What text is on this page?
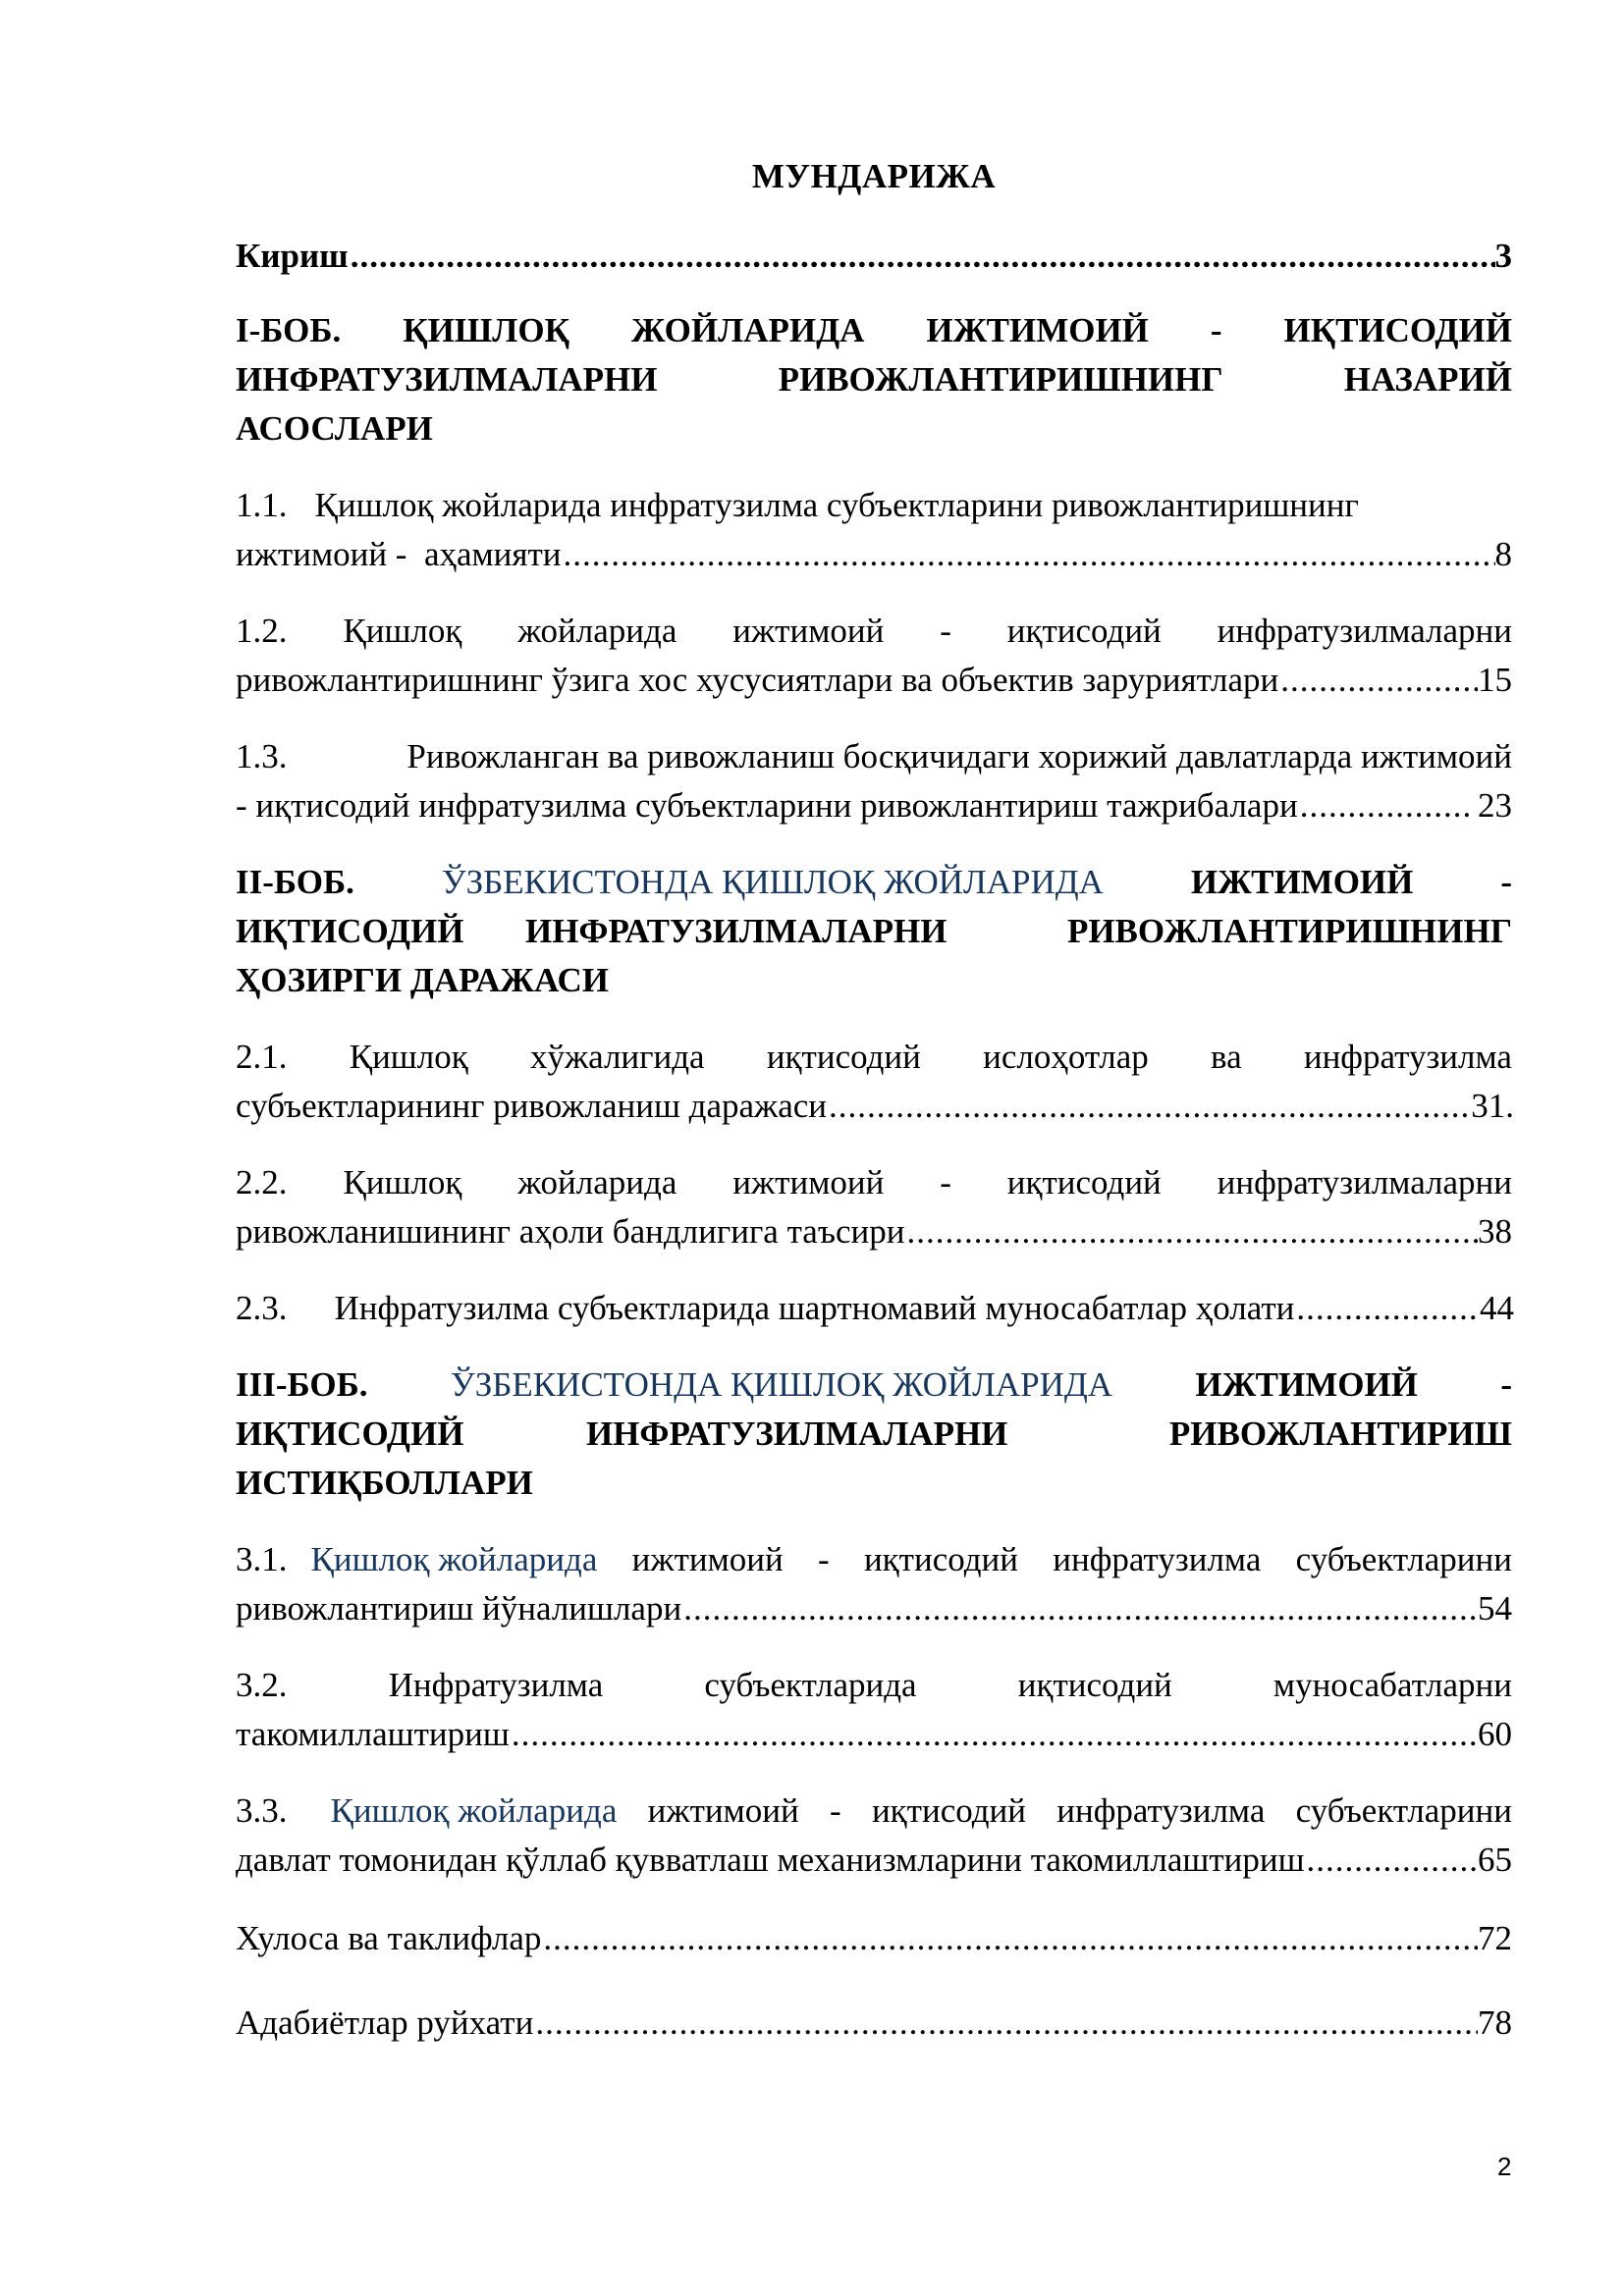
МУНДАРИЖА
Кириш .....	3
I-БОБ. ҚИШЛОҚ ЖОЙЛАРИДА ИЖТИМОИЙ - ИҚТИСОДИЙ
ИНФРАТУЗИЛМАЛАРНИ	РИВОЖЛАНТИРИШНИНГ	НАЗАРИЙ
АСОСЛАРИ
1.1. Қишлоқ жойларида инфратузилма субъектларини ривожлантиришнинг
ижтимоий -  аҳамияти .....	8
1.2. Қишлоқ жойларида ижтимоий - иқтисодий инфратузилмаларни
ривожлантиришнинг ўзига хос хусусиятлари ва объектив заруриятлари .....	15
1.3.	Ривожланган ва ривожланиш босқичидаги хорижий давлатларда ижтимоий
- иқтисодий инфратузилма субъектларини ривожлантириш тажрибалари .....	23
II-БОБ.	ЎЗБЕКИСТОНДА ҚИШЛОҚ ЖОЙЛАРИДА	ИЖТИМОИЙ	-
ИҚТИСОДИЙ ИНФРАТУЗИЛМАЛАРНИ	РИВОЖЛАНТИРИШНИНГ
ҲОЗИРГИ ДАРАЖАСИ
2.1. Қишлоқ хўжалигида иқтисодий ислоҳотлар ва инфратузилма
субъектларининг ривожланиш даражаси .....	31.
2.2. Қишлоқ жойларида ижтимоий - иқтисодий инфратузилмаларни
ривожланишининг аҳоли бандлигига таъсири .....	38
2.3. Инфратузилма субъектларида шартномавий муносабатлар ҳолати .....	44
III-БОБ. ЎЗБЕКИСТОНДА ҚИШЛОҚ ЖОЙЛАРИДА ИЖТИМОИЙ -
ИҚТИСОДИЙ	ИНФРАТУЗИЛМАЛАРНИ	РИВОЖЛАНТИРИШ
ИСТИҚБОЛЛАРИ
3.1. Қишлоқ жойларида ижтимоий - иқтисодий инфратузилма субъектларини
ривожлантириш йўналишлари .....	54
3.2.	Инфратузилма	субъектларида	иқтисодий	муносабатларни
такомиллаштириш .....	60
3.3. Қишлоқ жойларида ижтимоий - иқтисодий инфратузилма субъектларини
давлат томонидан қўллаб қувватлаш механизмларини такомиллаштириш .....	65
Хулоса ва таклифлар .....	72
Адабиётлар руйхати .....	78
2
